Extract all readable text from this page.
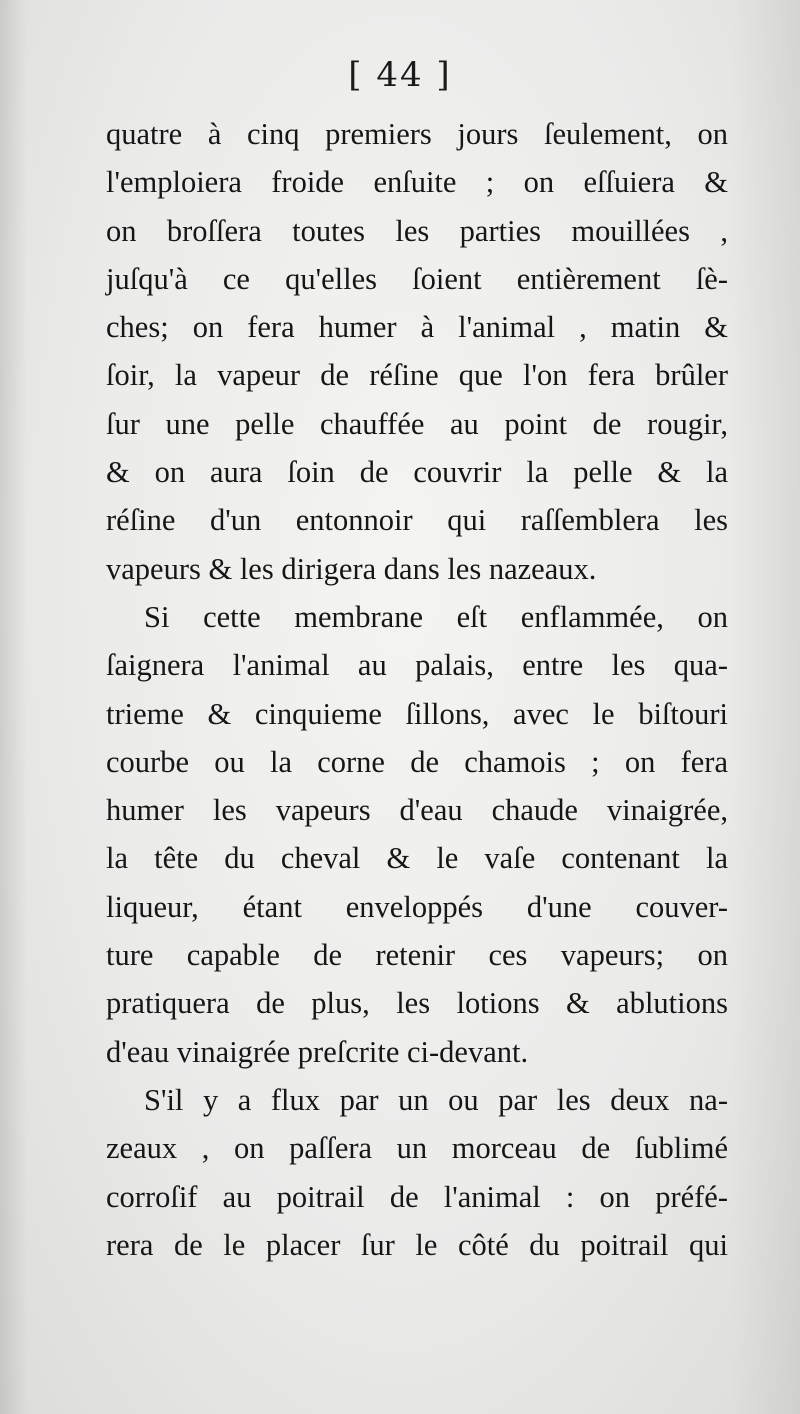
[ 44 ]
quatre à cinq premiers jours ſeulement, on
l'emploiera froide enſuite ; on eſſuiera &
on broſſera toutes les parties mouillées ,
juſqu'à ce qu'elles ſoient entièrement ſè-
ches; on fera humer à l'animal , matin &
ſoir, la vapeur de réſine que l'on fera brûler
ſur une pelle chauffée au point de rougir,
& on aura ſoin de couvrir la pelle & la
réſine d'un entonnoir qui raſſemblera les
vapeurs & les dirigera dans les nazeaux.
Si cette membrane eſt enflammée, on
ſaignera l'animal au palais, entre les qua-
trieme & cinquieme ſillons, avec le biſtouri
courbe ou la corne de chamois ; on fera
humer les vapeurs d'eau chaude vinaigrée,
la tête du cheval & le vaſe contenant la
liqueur, étant enveloppés d'une couver-
ture capable de retenir ces vapeurs; on
pratiquera de plus, les lotions & ablutions
d'eau vinaigrée preſcrite ci-devant.
S'il y a flux par un ou par les deux na-
zeaux , on paſſera un morceau de ſublimé
corroſif au poitrail de l'animal : on préfé-
rera de le placer ſur le côté du poitrail qui
